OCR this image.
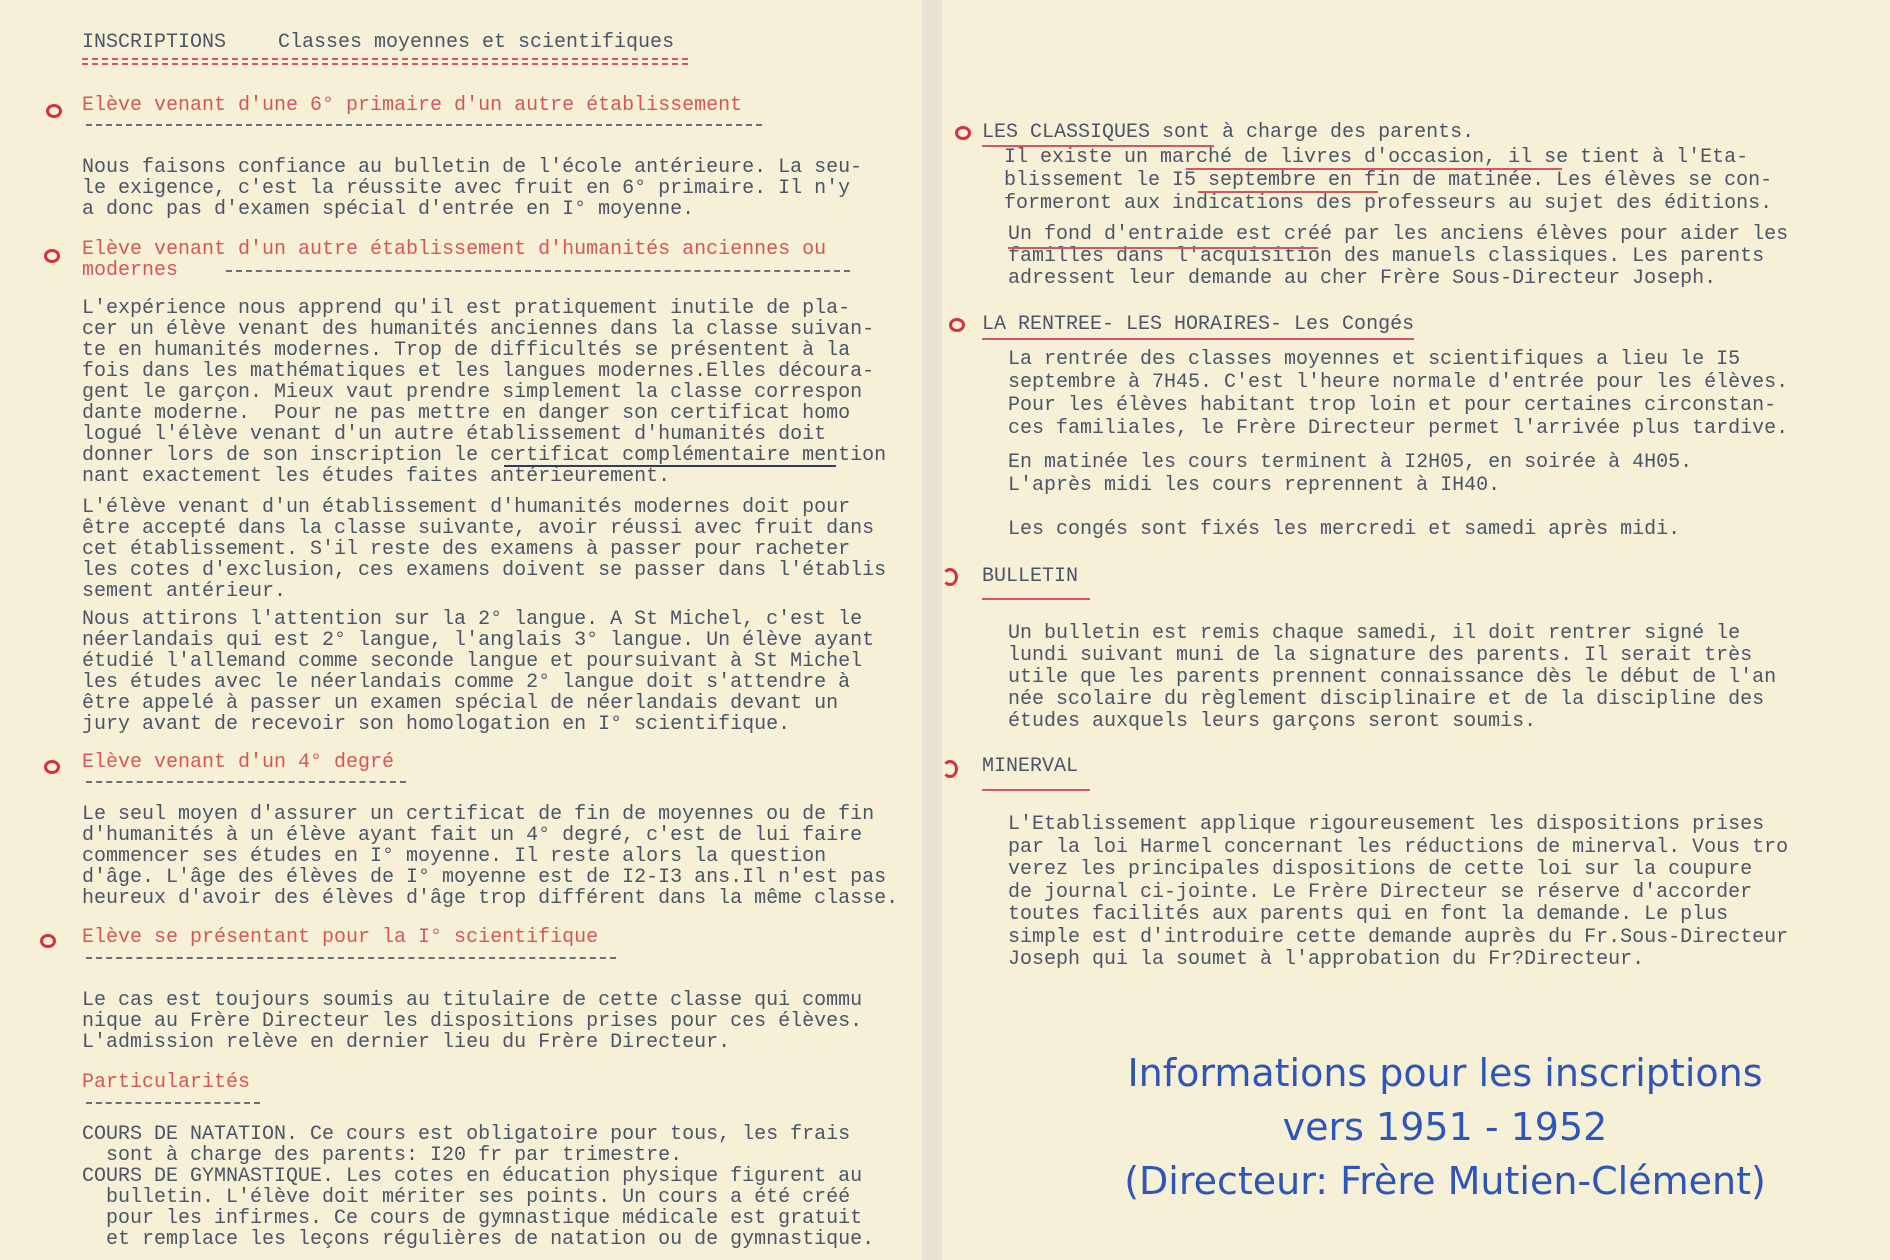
INSCRIPTIONS	Classes moyennes et scientifiques
Elève venant d'une 6° primaire d'un autre établissement
Nous faisons confiance au bulletin de l'école antérieure. La seu-
le exigence, c'est la réussite avec fruit en 6° primaire. Il n'y
a donc pas d'examen spécial d'entrée en I° moyenne.
Elève venant d'un autre établissement d'humanités anciennes ou
modernes
L'expérience nous apprend qu'il est pratiquement inutile de pla-
cer un élève venant des humanités anciennes dans la classe suivan-
te en humanités modernes. Trop de difficultés se présentent à la
fois dans les mathématiques et les langues modernes.Elles découra-
gent le garçon. Mieux vaut prendre simplement la classe correspon
dante moderne.  Pour ne pas mettre en danger son certificat homo
logué l'élève venant d'un autre établissement d'humanités doit
donner lors de son inscription le certificat complémentaire mention
nant exactement les études faites antérieurement.
L'élève venant d'un établissement d'humanités modernes doit pour
être accepté dans la classe suivante, avoir réussi avec fruit dans
cet établissement. S'il reste des examens à passer pour racheter
les cotes d'exclusion, ces examens doivent se passer dans l'établis
sement antérieur.
Nous attirons l'attention sur la 2° langue. A St Michel, c'est le
néerlandais qui est 2° langue, l'anglais 3° langue. Un élève ayant
étudié l'allemand comme seconde langue et poursuivant à St Michel
les études avec le néerlandais comme 2° langue doit s'attendre à
être appelé à passer un examen spécial de néerlandais devant un
jury avant de recevoir son homologation en I° scientifique.
Elève venant d'un 4° degré
Le seul moyen d'assurer un certificat de fin de moyennes ou de fin
d'humanités à un élève ayant fait un 4° degré, c'est de lui faire
commencer ses études en I° moyenne. Il reste alors la question
d'âge. L'âge des élèves de I° moyenne est de I2-I3 ans.Il n'est pas
heureux d'avoir des élèves d'âge trop différent dans la même classe.
Elève se présentant pour la I° scientifique
Le cas est toujours soumis au titulaire de cette classe qui commu
nique au Frère Directeur les dispositions prises pour ces élèves.
L'admission relève en dernier lieu du Frère Directeur.
Particularités
COURS DE NATATION. Ce cours est obligatoire pour tous, les frais
sont à charge des parents: I20 fr par trimestre.
COURS DE GYMNASTIQUE. Les cotes en éducation physique figurent au
bulletin. L'élève doit mériter ses points. Un cours a été créé
pour les infirmes. Ce cours de gymnastique médicale est gratuit
et remplace les leçons régulières de natation ou de gymnastique.
LES CLASSIQUES sont à charge des parents.
Il existe un marché de livres d'occasion, il se tient à l'Eta-
blissement le I5 septembre en fin de matinée. Les élèves se con-
formeront aux indications des professeurs au sujet des éditions.
Un fond d'entraide est créé par les anciens élèves pour aider les
familles dans l'acquisition des manuels classiques. Les parents
adressent leur demande au cher Frère Sous-Directeur Joseph.
LA RENTREE- LES HORAIRES- Les Congés
La rentrée des classes moyennes et scientifiques a lieu le I5
septembre à 7H45. C'est l'heure normale d'entrée pour les élèves.
Pour les élèves habitant trop loin et pour certaines circonstan-
ces familiales, le Frère Directeur permet l'arrivée plus tardive.
En matinée les cours terminent à I2H05, en soirée à 4H05.
L'après midi les cours reprennent à IH40.
Les congés sont fixés les mercredi et samedi après midi.
BULLETIN
Un bulletin est remis chaque samedi, il doit rentrer signé le
lundi suivant muni de la signature des parents. Il serait très
utile que les parents prennent connaissance dès le début de l'an
née scolaire du règlement disciplinaire et de la discipline des
études auxquels leurs garçons seront soumis.
MINERVAL
L'Etablissement applique rigoureusement les dispositions prises
par la loi Harmel concernant les réductions de minerval. Vous tro
verez les principales dispositions de cette loi sur la coupure
de journal ci-jointe. Le Frère Directeur se réserve d'accorder
toutes facilités aux parents qui en font la demande. Le plus
simple est d'introduire cette demande auprès du Fr.Sous-Directeur
Joseph qui la soumet à l'approbation du Fr?Directeur.
Informations pour les inscriptions
vers 1951 - 1952
(Directeur: Frère Mutien-Clément)
